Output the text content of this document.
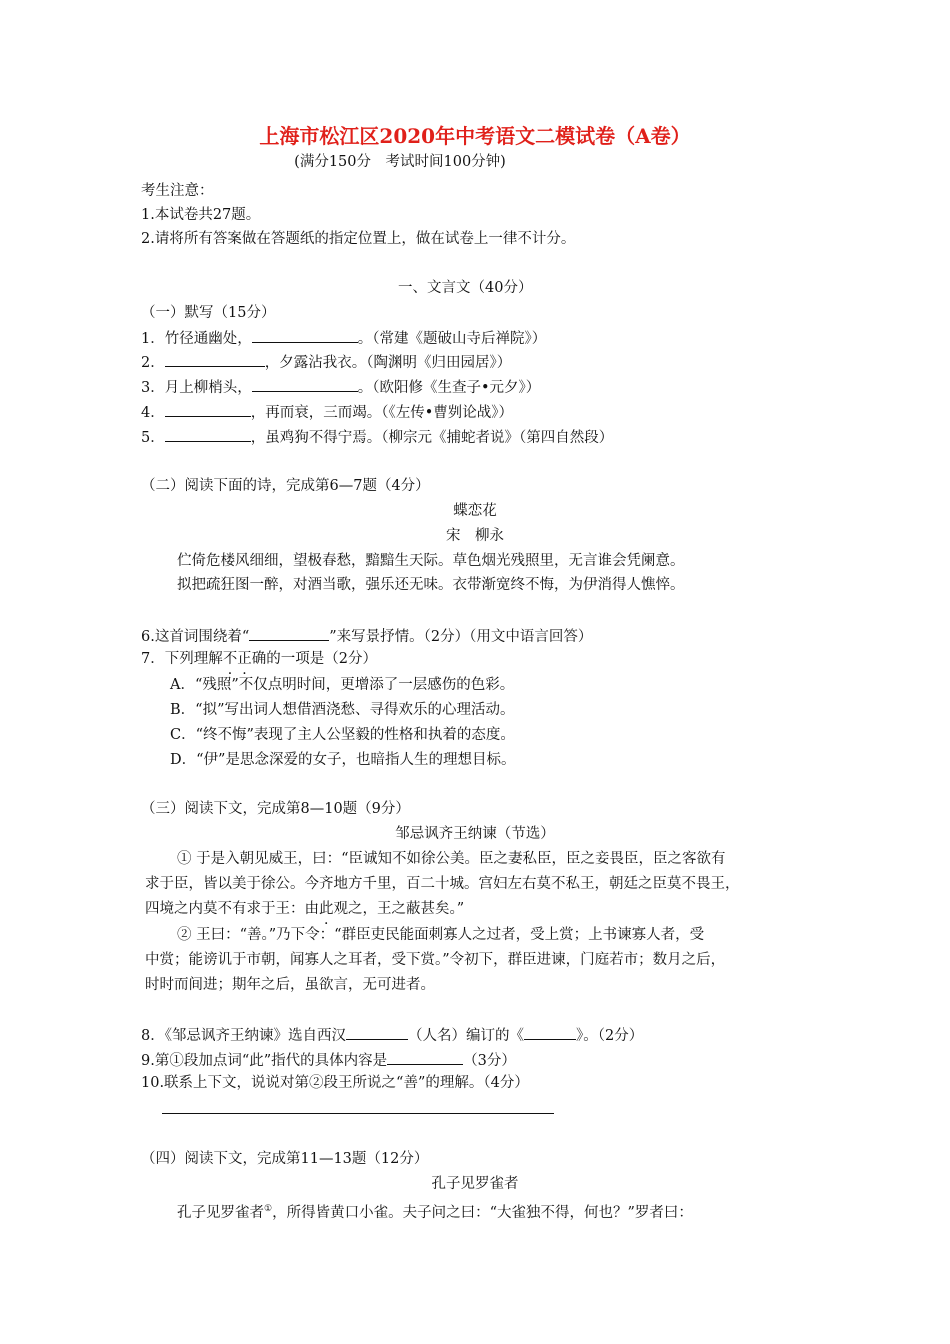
上海市松江区2020年中考语文二模试卷（A卷）
(满分150分　考试时间100分钟)
考生注意：
1.本试卷共27题。
2.请将所有答案做在答题纸的指定位置上，做在试卷上一律不计分。
一、文言文（40分）
（一）默写（15分）
1．竹径通幽处，	。（常建《题破山寺后禅院》）
2．	，夕露沾我衣。（陶渊明《归田园居》）
3．月上柳梢头，	。（欧阳修《生查子•元夕》）
4．	，再而衰，三而竭。（《左传•曹刿论战》）
5．	，虽鸡狗不得宁焉。（柳宗元《捕蛇者说》（第四自然段）
（二）阅读下面的诗，完成第6—7题（4分）
蝶恋花
宋　柳永
伫倚危楼风细细，望极春愁，黯黯生天际。草色烟光残照里，无言谁会凭阑意。
拟把疏狂图一醉，对酒当歌，强乐还无味。衣带渐宽终不悔，为伊消得人憔悴。
6.这首词围绕着“	”来写景抒情。（2分）（用文中语言回答）
7．下列理解不正确的一项是（2分）
A．“残照”不仅点明时间，更增添了一层感伤的色彩。
B．“拟”写出词人想借酒浇愁、寻得欢乐的心理活动。
C．“终不悔”表现了主人公坚毅的性格和执着的态度。
D．“伊”是思念深爱的女子，也暗指人生的理想目标。
（三）阅读下文，完成第8—10题（9分）
邹忌讽齐王纳谏（节选）
① 于是入朝见威王，曰：“臣诚知不如徐公美。臣之妻私臣，臣之妾畏臣，臣之客欲有
求于臣，皆以美于徐公。今齐地方千里，百二十城。宫妇左右莫不私王，朝廷之臣莫不畏王，
四境之内莫不有求于王：由此观之，王之蔽甚矣。”
② 王曰：“善。”乃下令：“群臣吏民能面刺寡人之过者，受上赏；上书谏寡人者，受
中赏；能谤讥于市朝，闻寡人之耳者，受下赏。”令初下，群臣进谏，门庭若市；数月之后，
时时而间进；期年之后，虽欲言，无可进者。
8．《邹忌讽齐王纳谏》选自西汉	（人名）编订的《	》。（2分）
9.第①段加点词“此”指代的具体内容是	（3分）
10.联系上下文，说说对第②段王所说之“善”的理解。（4分）
（四）阅读下文，完成第11—13题（12分）
孔子见罗雀者
孔子见罗雀者①，所得皆黄口小雀。夫子问之曰：“大雀独不得，何也？”罗者曰：
